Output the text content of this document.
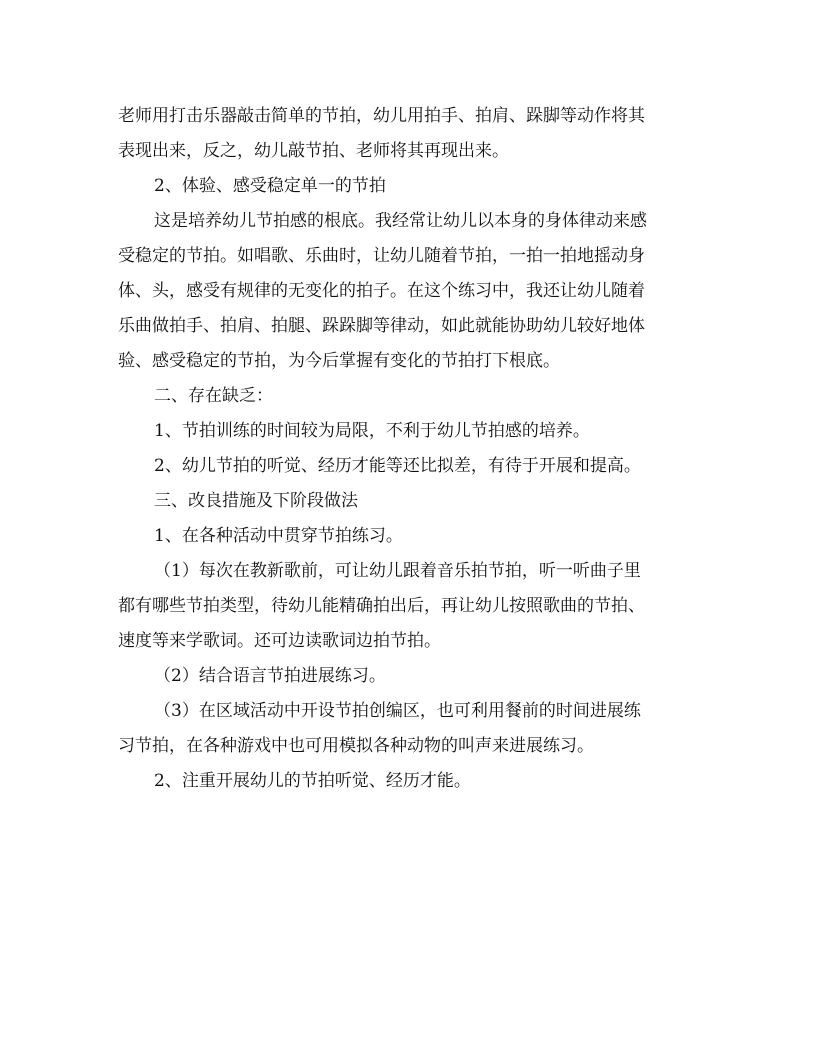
老师用打击乐器敲击简单的节拍，幼儿用拍手、拍肩、跺脚等动作将其
表现出来，反之，幼儿敲节拍、老师将其再现出来。
2、体验、感受稳定单一的节拍
这是培养幼儿节拍感的根底。我经常让幼儿以本身的身体律动来感
受稳定的节拍。如唱歌、乐曲时，让幼儿随着节拍，一拍一拍地摇动身
体、头，感受有规律的无变化的拍子。在这个练习中，我还让幼儿随着
乐曲做拍手、拍肩、拍腿、跺跺脚等律动，如此就能协助幼儿较好地体
验、感受稳定的节拍，为今后掌握有变化的节拍打下根底。
二、存在缺乏：
1、节拍训练的时间较为局限，不利于幼儿节拍感的培养。
2、幼儿节拍的听觉、经历才能等还比拟差，有待于开展和提高。
三、改良措施及下阶段做法
1、在各种活动中贯穿节拍练习。
（1）每次在教新歌前，可让幼儿跟着音乐拍节拍，听一听曲子里
都有哪些节拍类型，待幼儿能精确拍出后，再让幼儿按照歌曲的节拍、
速度等来学歌词。还可边读歌词边拍节拍。
（2）结合语言节拍进展练习。
（3）在区域活动中开设节拍创编区，也可利用餐前的时间进展练
习节拍，在各种游戏中也可用模拟各种动物的叫声来进展练习。
2、注重开展幼儿的节拍听觉、经历才能。
